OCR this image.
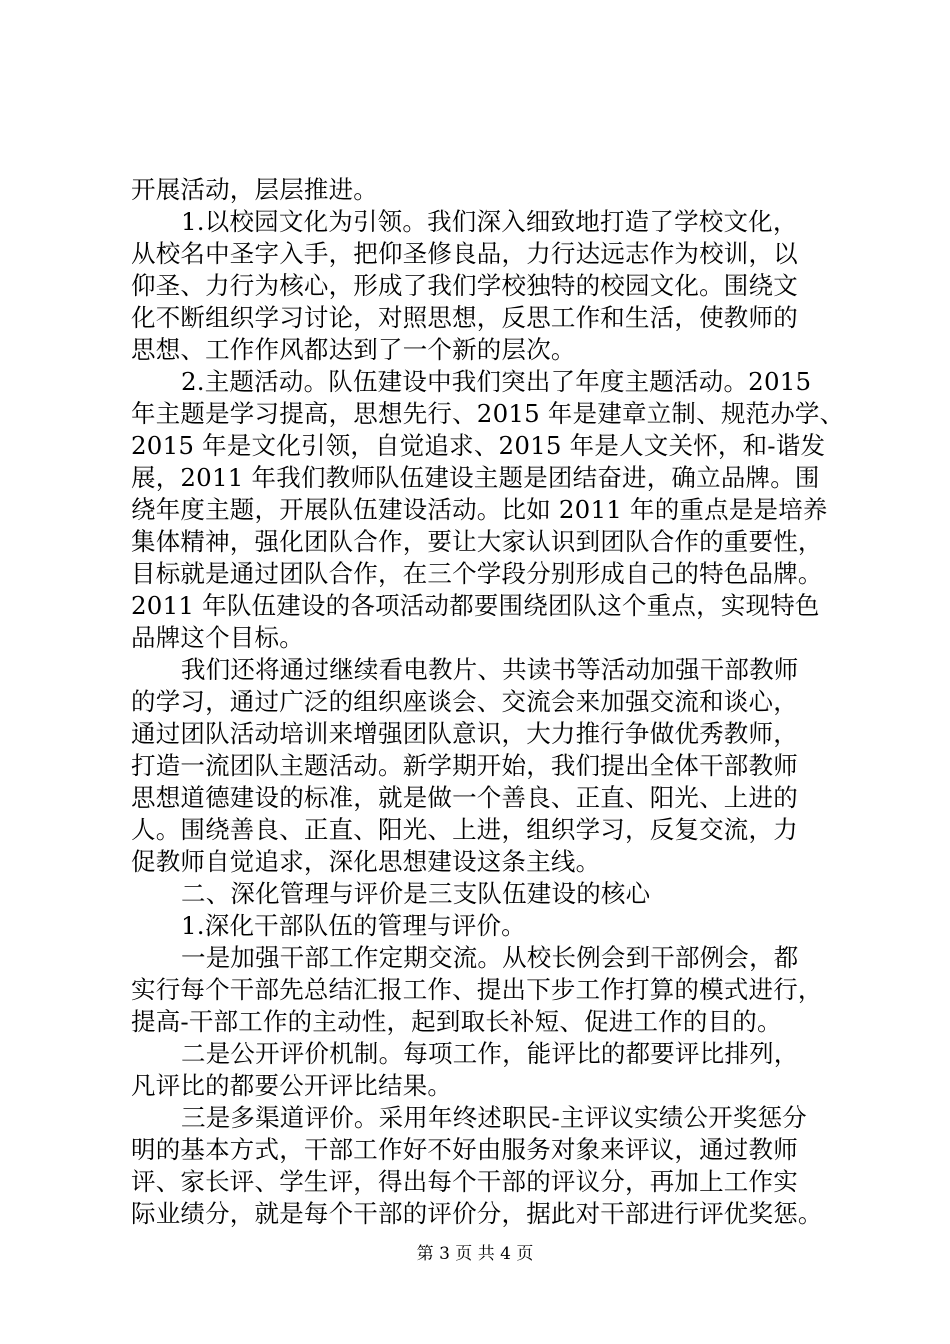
开展活动，层层推进。
1.以校园文化为引领。我们深入细致地打造了学校文化，
从校名中圣字入手，把仰圣修良品，力行达远志作为校训，以
仰圣、力行为核心，形成了我们学校独特的校园文化。围绕文
化不断组织学习讨论，对照思想，反思工作和生活，使教师的
思想、工作作风都达到了一个新的层次。
2.主题活动。队伍建设中我们突出了年度主题活动。2015
年主题是学习提高，思想先行、2015 年是建章立制、规范办学、
2015 年是文化引领，自觉追求、2015 年是人文关怀，和-谐发
展，2011 年我们教师队伍建设主题是团结奋进，确立品牌。围
绕年度主题，开展队伍建设活动。比如 2011 年的重点是是培养
集体精神，强化团队合作，要让大家认识到团队合作的重要性，
目标就是通过团队合作，在三个学段分别形成自己的特色品牌。
2011 年队伍建设的各项活动都要围绕团队这个重点，实现特色
品牌这个目标。
我们还将通过继续看电教片、共读书等活动加强干部教师
的学习，通过广泛的组织座谈会、交流会来加强交流和谈心，
通过团队活动培训来增强团队意识，大力推行争做优秀教师，
打造一流团队主题活动。新学期开始，我们提出全体干部教师
思想道德建设的标准，就是做一个善良、正直、阳光、上进的
人。围绕善良、正直、阳光、上进，组织学习，反复交流，力
促教师自觉追求，深化思想建设这条主线。
二、深化管理与评价是三支队伍建设的核心
1.深化干部队伍的管理与评价。
一是加强干部工作定期交流。从校长例会到干部例会，都
实行每个干部先总结汇报工作、提出下步工作打算的模式进行，
提高-干部工作的主动性，起到取长补短、促进工作的目的。
二是公开评价机制。每项工作，能评比的都要评比排列，
凡评比的都要公开评比结果。
三是多渠道评价。采用年终述职民-主评议实绩公开奖惩分
明的基本方式，干部工作好不好由服务对象来评议，通过教师
评、家长评、学生评，得出每个干部的评议分，再加上工作实
际业绩分，就是每个干部的评价分，据此对干部进行评优奖惩。
第 3 页 共 4 页
